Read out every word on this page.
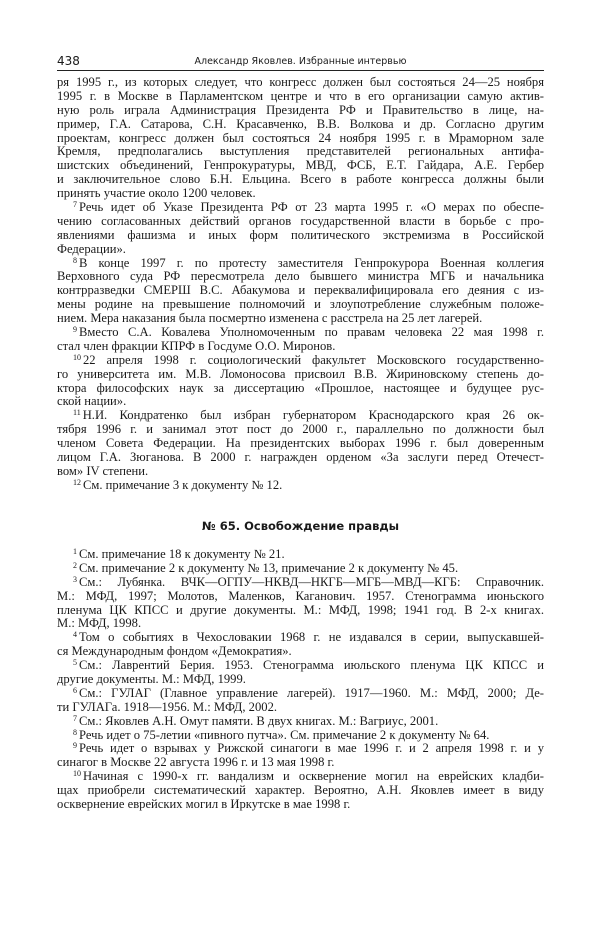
438	Александр Яковлев. Избранные интервью
ря 1995 г., из которых следует, что конгресс должен был состояться 24—25 ноября
1995 г. в Москве в Парламентском центре и что в его организации самую актив-
ную роль играла Администрация Президента РФ и Правительство в лице, на-
пример, Г.А. Сатарова, С.Н. Красавченко, В.В. Волкова и др. Согласно другим
проектам, конгресс должен был состояться 24 ноября 1995 г. в Мраморном зале
Кремля, предполагались выступления представителей региональных антифа-
шистских объединений, Генпрокуратуры, МВД, ФСБ, Е.Т. Гайдара, А.Е. Гербер
и заключительное слово Б.Н. Ельцина. Всего в работе конгресса должны были
принять участие около 1200 человек.
$^7$ Речь идет об Указе Президента РФ от 23 марта 1995 г. «О мерах по обеспе-
чению согласованных действий органов государственной власти в борьбе с про-
явлениями фашизма и иных форм политического экстремизма в Российской
Федерации».
$^8$ В конце 1997 г. по протесту заместителя Генпрокурора Военная коллегия
Верховного суда РФ пересмотрела дело бывшего министра МГБ и начальника
контрразведки СМЕРШ В.С. Абакумова и переквалифицировала его деяния с из-
мены родине на превышение полномочий и злоупотребление служебным положе-
нием. Мера наказания была посмертно изменена с расстрела на 25 лет лагерей.
$^9$ Вместо С.А. Ковалева Уполномоченным по правам человека 22 мая 1998 г.
стал член фракции КПРФ в Госдуме О.О. Миронов.
$^{10}$ 22 апреля 1998 г. социологический факультет Московского государственно-
го университета им. М.В. Ломоносова присвоил В.В. Жириновскому степень до-
ктора философских наук за диссертацию «Прошлое, настоящее и будущее рус-
ской нации».
$^{11}$ Н.И. Кондратенко был избран губернатором Краснодарского края 26 ок-
тября 1996 г. и занимал этот пост до 2000 г., параллельно по должности был
членом Совета Федерации. На президентских выборах 1996 г. был доверенным
лицом Г.А. Зюганова. В 2000 г. награжден орденом «За заслуги перед Отечест-
вом» IV степени.
$^{12}$ См. примечание 3 к документу № 12.
№ 65. Освобождение правды
$^1$ См. примечание 18 к документу № 21.
$^2$ См. примечание 2 к документу № 13, примечание 2 к документу № 45.
$^3$ См.: Лубянка. ВЧК—ОГПУ—НКВД—НКГБ—МГБ—МВД—КГБ: Справочник.
М.: МФД, 1997; Молотов, Маленков, Каганович. 1957. Стенограмма июньского
пленума ЦК КПСС и другие документы. М.: МФД, 1998; 1941 год. В 2-х книгах.
М.: МФД, 1998.
$^4$ Том о событиях в Чехословакии 1968 г. не издавался в серии, выпускавшей-
ся Международным фондом «Демократия».
$^5$ См.: Лаврентий Берия. 1953. Стенограмма июльского пленума ЦК КПСС и
другие документы. М.: МФД, 1999.
$^6$ См.: ГУЛАГ (Главное управление лагерей). 1917—1960. М.: МФД, 2000; Де-
ти ГУЛАГа. 1918—1956. М.: МФД, 2002.
$^7$ См.: Яковлев А.Н. Омут памяти. В двух книгах. М.: Вагриус, 2001.
$^8$ Речь идет о 75-летии «пивного путча». См. примечание 2 к документу № 64.
$^9$ Речь идет о взрывах у Рижской синагоги в мае 1996 г. и 2 апреля 1998 г. и у
синагог в Москве 22 августа 1996 г. и 13 мая 1998 г.
$^{10}$ Начиная с 1990-х гг. вандализм и осквернение могил на еврейских кладби-
щах приобрели систематический характер. Вероятно, А.Н. Яковлев имеет в виду
осквернение еврейских могил в Иркутске в мае 1998 г.
